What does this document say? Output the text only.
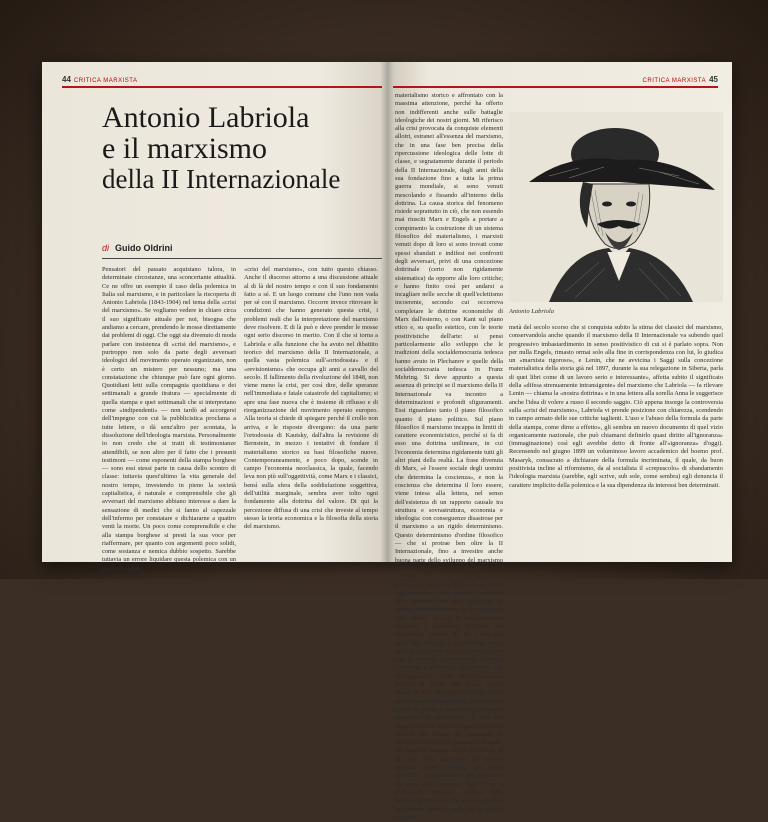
44 CRITICA MARXISTA
Antonio Labriola
e il marxismo
della II Internazionale
di Guido Oldrini

Pensatori del passato acquistano talora, in determinate circostanze, una sconcertante attualità. Ce ne offre un esempio il caso della polemica in Italia sul marxismo, e in particolare la riscoperta di Antonio Labriola (1843-1904) nel tema della «crisi del marxismo». Se vogliamo vedere in chiaro circa il suo significato attuale per noi, bisogna che andiamo a cercare, prendendo le mosse direttamente dai problemi di oggi. Che oggi sia divenuto di moda parlare con insistenza di «crisi del marxismo», e purtroppo non solo da parte degli avversari ideologici del movimento operaio organizzato, non è certo un mistero per nessuno; ma una constatazione che chiunque può fare ogni giorno. Quotidiani letti sulla compagnia quotidiana e dei settimanali a grande tiratura — specialmente di quella stampa e quei settimanali che si interpretano come «indipendenti» — non tardò ad accorgersi dell'impegno con cui la pubblicistica proclama a tutte lettere, o dà senz'altro per scontata, la dissoluzione dell'ideologia marxista. Personalmente io non credo che si tratti di testimonianze attendibili, se non altro per il fatto che i presunti testimoni — come esponenti della stampa borghese — sono essi stessi parte in causa dello scontro di classe: tuttavia quest'ultimo la vita generale del nostro tempo, investendo in pieno la società capitalistica, è naturale e comprensibile che gli avversari del marxismo abbiano interesse a dare la sensazione di medici che si fanno al capezzale dell'infermo per constatare e dichiararne a quattro venti la morte. Un poco come comprensibile e che alla stampa borghese si presti la sua voce per riaffermare, per quanto con argomenti poco solidi, come sostanza e nemica dubbio sospetto. Sarebbe tuttavia un errore liquidare questa polemica con un alzata di spalle.

«crisi del marxismo», con tutto questo chiasso. Anche il discorso attorno a una discussione attuale al di là del nostro tempo e con il suo fondamento fatto a sé. E un luogo comune che l'uno non vada per sé con il marxismo. Occorre invece ritrovare le condizioni che hanno generato questa crisi, i problemi reali che la interpretazione del marxismo deve risolvere. E di là può e deve prender le mosse ogni serio discorso in merito. Con il che si torna a Labriola e alla funzione che ha avuto nel dibattito teorico del marxismo della II Internazionale, a quella vasta polemica sull'«ortodossia» e il «revisionismo» che occupa gli anni a cavallo del secolo. Il fallimento della rivoluzione del 1848, non viene meno la crisi, per così dire, delle speranze nell'immediata e fatale catastrofe del capitalismo; si apre una fase nuova che è insieme di riflusso e di riorganizzazione del movimento operaio europeo. Alla teoria si chiede di spiegare perché il crollo non arriva, e le risposte divergono: da una parte l'ortodossia di Kautsky, dall'altra la revisione di Bernstein, in mezzo i tentativi di fondare il materialismo storico su basi filosofiche nuove. Contemporaneamente, e poco dopo, scende in campo l'economia neoclassica, la quale, facendo leva non più sull'oggettività, come Marx e i classici, bensì sulla sfera della soddisfazione soggettiva, dell'utilità marginale, sembra aver tolto ogni fondamento alla dottrina del valore. Di qui la percezione diffusa di una crisi che investe al tempo stesso la teoria economica e la filosofia della storia del marxismo.

CRITICA MARXISTA 45

materialismo storico e affrontato con la massima attenzione, perché ha offerto non indifferenti anche sulle battaglie ideologiche dei nostri giorni. Mi riferisco alla crisi provocata da conquiste elementi allotri, estranei all'essenza del marxismo, che in una fase ben precisa della ripercussione ideologica delle lotte di classe, e segnatamente durante il periodo della II Internazionale, dagli anni della sua fondazione fino a tutta la prima guerra mondiale, si sono venuti mescolando e fissando all'interno della dottrina. La causa storica del fenomeno risiede soprattutto in ciò, che non essendo mai riusciti Marx e Engels a portare a compimento la costruzione di un sistema filosofico del materialismo, i marxisti venuti dopo di loro si sono trovati come spessi sbandati e indifesi nei confronti degli avversari, privi di una concezione dottrinale (certo non rigidamente sistematica) da opporre alle loro critiche; e hanno finito così per andarsi a incagliare nelle secche di quell'eclettismo incoerente, secondo cui occorreva completare le dottrine economiche di Marx dall'esterno, o con Kant sul piano etico e, su quello estetico, con le teorie positivistiche dell'arte: si pensi particolarmente allo sviluppo che le tradizioni della socialdemocrazia tedesca hanno avuto in Plechanov e quelle della socialdemocrazia tedesca in Franz Mehring. Si deve appunto a questa assenza di principi se il marxismo della II Internazionale va incontro a determinazioni e profondi sfiguramenti. Essi riguardano tanto il piano filosofico quanto il piano politico. Sul piano filosofico il marxismo incappa in limiti di carattere economicistico, perché si fa di esso una dottrina unilineare, in cui l'economia determina rigidamente tutti gli altri piani della realtà. La frase divenuta di Marx, «è l'essere sociale degli uomini che determina la coscienza», e non la coscienza che determina il loro essere, viene intesa alla lettera, nel senso dell'esistenza di un rapporto causale tra struttura e sovrastruttura, economia e ideologia: con conseguenze disastrose per il marxismo a un rigido determinismo. Questo determinismo d'ordine filosofico — che si protrae ben oltre la II Internazionale, fino a investire anche buona parte dello sviluppo del marxismo sovietico nel periodo staliniano — si converte poi a sua volta, sul piano politico, in una sorta di fatalismo. Dalla legge necessaria della crescita inevitabile delle contraddizioni del capitalismo si deduce immediatamente la conseguenza che, all'atto in cui le contraddizioni maturano e esplodono, il crollo del capitalismo avverrà da sé. L'impegno sulla lotta ideologica, il problema stesso della preparazione rivoluzionaria passano così in secondo piano rispetto all'attesa. Comincia a diventare chiaramente con l'atteggiamento della socialdemocrazia tedesca di fronte alla prima guerra mondiale, con l'appoggio alle ragioni dei rispettivi governi nazionali, votazioni dei crediti di guerra, e via dicendo. In questa situazione di smarrimento il solo che seppe porsi con serietà e rigore i problemi relativi alla natura del marxismo fu Antonio Labriola: un pensatore il quale, pur restando sempre un po' in sordina, al di sotto della fama che gli sarebbe spettata, seppe chiarire, sul piano filosofico, l'indipendenza del marxismo da ogni altro sistema. Egli è tra i pochissimi pensatori italiani della seconda generazione che si siano aperti a un contatto diretto e reale con la cultura europea.

Antonio Labriola

metà del secolo scorso che si conquista subito la stima dei classici del marxismo, conservandola anche quando il marxismo della II Internazionale va subendo quel progressivo imbastardimento in senso positivistico di cui si è parlato sopra. Non per nulla Engels, rimasto ormai solo alla fine in corrispondenza con lui, lo giudica un «marxista rigoroso», e Lenin, che ne avvicina i Saggi sulla concezione materialistica della storia già nel 1897, durante la sua relegazione in Siberia, parla di quei libri come di un lavoro serio e interessante», affetta subito il significato della «difesa strenuamente intransigente» del marxismo che Labriola — fa rilevare Lenin — chiama la «nostra dottrina» e in una lettera alla sorella Anna le suggerisce anche l'idea di volere a russo il secondo saggio. Ciò appena insorge la controversia sulla «crisi del marxismo», Labriola vi prende posizione con chiarezza, scendendo in campo armato delle sue critiche taglienti. L'uso e l'abuso della formula da parte della stampa, come dirne a effetto», gli sembra un nuovo documento di quel vizio organicamente nazionale, che può chiamarsi definirlo quasi diritto all'ignoranza» (immaginazione) così egli avrebbe detto di fronte all'«ignoranza» d'oggi). Recensendo nel giugno 1899 un voluminoso lavoro accademico del boemo prof. Masaryk, consacrato a dichiarare della formula incriminata, il quale, da buon positivista incline al riformismo, da al socialista il «crepuscolo» di sbandamento l'ideologia marxista (sarebbe, egli scrive, sub sole, come sembra) egli denuncia il carattere implicito della polemica e la sua dipendenza da interessi ben determinati.
